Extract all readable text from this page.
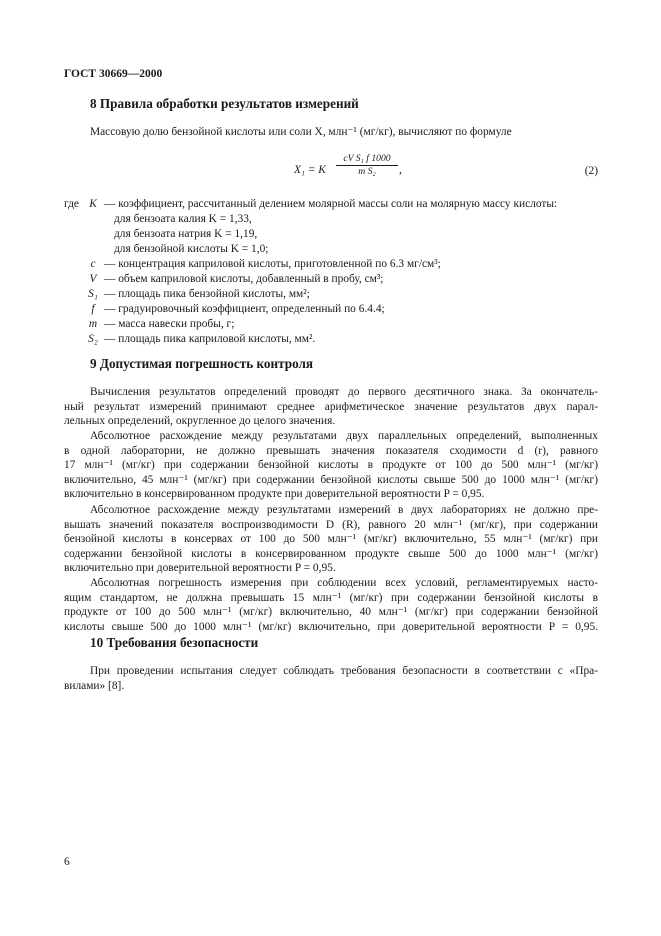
ГОСТ 30669—2000
8 Правила обработки результатов измерений
Массовую долю бензойной кислоты или соли X, млн⁻¹ (мг/кг), вычисляют по формуле
X₁ = K $\frac{\text{cV S₁ f 1000}}{\text{m S₂}}$ ,	(2)
где K — коэффициент, рассчитанный делением молярной массы соли на молярную массу кислоты:
для бензоата калия K = 1,33,
для бензоата натрия K = 1,19,
для бензойной кислоты K = 1,0;
c — концентрация каприловой кислоты, приготовленной по 6.3 мг/см³;
V — объем каприловой кислоты, добавленный в пробу, см³;
S₁ — площадь пика бензойной кислоты, мм²;
f — градуировочный коэффициент, определенный по 6.4.4;
m — масса навески пробы, г;
S₂ — площадь пика каприловой кислоты, мм².
9 Допустимая погрешность контроля
Вычисления результатов определений проводят до первого десятичного знака. За окончатель-
ный результат измерений принимают среднее арифметическое значение результатов двух парал-
лельных определений, округленное до целого значения.
Абсолютное расхождение между результатами двух параллельных определений, выполненных
в одной лаборатории, не должно превышать значения показателя сходимости d (r), равного
17 млн⁻¹ (мг/кг) при содержании бензойной кислоты в продукте от 100 до 500 млн⁻¹ (мг/кг)
включительно, 45 млн⁻¹ (мг/кг) при содержании бензойной кислоты свыше 500 до 1000 млн⁻¹ (мг/кг)
включительно в консервированном продукте при доверительной вероятности P = 0,95.
Абсолютное расхождение между результатами измерений в двух лабораториях не должно пре-
вышать значений показателя воспроизводимости D (R), равного 20 млн⁻¹ (мг/кг), при содержании
бензойной кислоты в консервах от 100 до 500 млн⁻¹ (мг/кг) включительно, 55 млн⁻¹ (мг/кг) при
содержании бензойной кислоты в консервированном продукте свыше 500 до 1000 млн⁻¹ (мг/кг)
включительно при доверительной вероятности P = 0,95.
Абсолютная погрешность измерения при соблюдении всех условий, регламентируемых насто-
ящим стандартом, не должна превышать 15 млн⁻¹ (мг/кг) при содержании бензойной кислоты в
продукте от 100 до 500 млн⁻¹ (мг/кг) включительно, 40 млн⁻¹ (мг/кг) при содержании бензойной
кислоты свыше 500 до 1000 млн⁻¹ (мг/кг) включительно, при доверительной вероятности P = 0,95.
10 Требования безопасности
При проведении испытания следует соблюдать требования безопасности в соответствии с «Пра-
вилами» [8].
6
